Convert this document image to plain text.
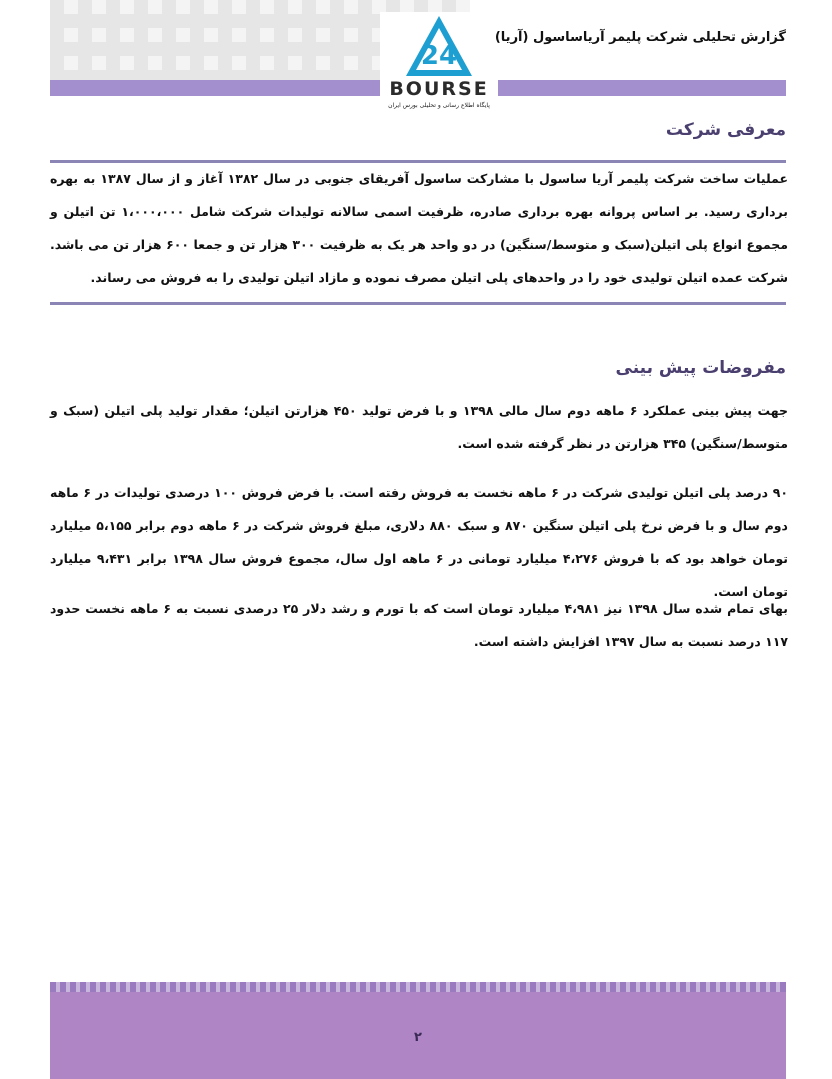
24
BOURSE
پایگاه اطلاع رسانی و تحلیلی بورس ایران
گزارش تحلیلی شرکت پلیمر آریاساسول (آریا)
معرفی شرکت
عملیات ساخت شرکت پلیمر آریا ساسول با مشارکت ساسول آفریقای جنوبی در سال ۱۳۸۲ آغاز و از سال ۱۳۸۷ به بهره برداری رسید. بر اساس پروانه بهره برداری صادره، ظرفیت اسمی سالانه تولیدات شرکت شامل ۱،۰۰۰،۰۰۰ تن اتیلن و مجموع انواع پلی اتیلن(سبک و متوسط/سنگین) در دو واحد هر یک به ظرفیت ۳۰۰ هزار تن و جمعا ۶۰۰ هزار تن می باشد. شرکت عمده اتیلن تولیدی خود را در واحدهای پلی اتیلن مصرف نموده و مازاد اتیلن تولیدی را به فروش می رساند.
مفروضات پیش بینی
جهت پیش بینی عملکرد ۶ ماهه دوم سال مالی ۱۳۹۸ و با فرض تولید ۴۵۰ هزارتن اتیلن؛ مقدار تولید پلی اتیلن (سبک و متوسط/سنگین) ۳۴۵ هزارتن در نظر گرفته شده است.
۹۰ درصد پلی اتیلن تولیدی شرکت در ۶ ماهه نخست به فروش رفته است. با فرض فروش ۱۰۰ درصدی تولیدات در ۶ ماهه دوم سال و با فرض نرخ پلی اتیلن سنگین ۸۷۰ و سبک ۸۸۰ دلاری، مبلغ فروش شرکت در ۶ ماهه دوم برابر ۵،۱۵۵ میلیارد تومان خواهد بود که با فروش ۴،۲۷۶ میلیارد تومانی در ۶ ماهه اول سال، مجموع فروش سال ۱۳۹۸ برابر ۹،۴۳۱ میلیارد تومان است.
بهای تمام شده سال ۱۳۹۸ نیز ۴،۹۸۱ میلیارد تومان است که با تورم و رشد دلار ۲۵ درصدی نسبت به ۶ ماهه نخست حدود ۱۱۷ درصد نسبت به سال ۱۳۹۷ افزایش داشته است.
۲
